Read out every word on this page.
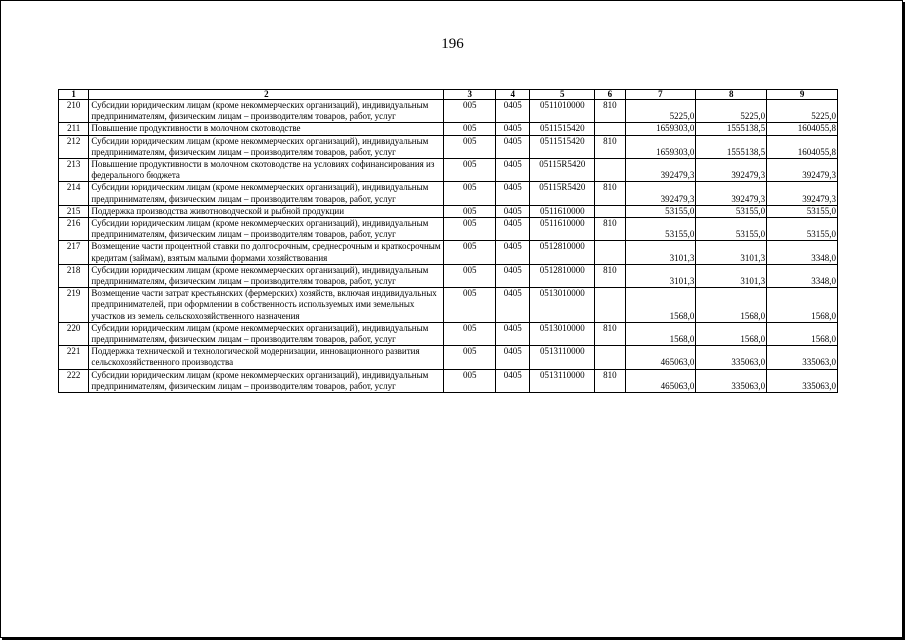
196
1	2	3	4	5	6	7	8	9
210	Субсидии юридическим лицам (кроме некоммерческих организаций), индивидуальным предпринимателям, физическим лицам – производителям товаров, работ, услуг	005	0405	0511010000	810	5225,0	5225,0	5225,0
211	Повышение продуктивности в молочном скотоводстве	005	0405	0511515420		1659303,0	1555138,5	1604055,8
212	Субсидии юридическим лицам (кроме некоммерческих организаций), индивидуальным предпринимателям, физическим лицам – производителям товаров, работ, услуг	005	0405	0511515420	810	1659303,0	1555138,5	1604055,8
213	Повышение продуктивности в молочном скотоводстве на условиях софинансирования из федерального бюджета	005	0405	05115R5420		392479,3	392479,3	392479,3
214	Субсидии юридическим лицам (кроме некоммерческих организаций), индивидуальным предпринимателям, физическим лицам – производителям товаров, работ, услуг	005	0405	05115R5420	810	392479,3	392479,3	392479,3
215	Поддержка производства животноводческой и рыбной продукции	005	0405	0511610000		53155,0	53155,0	53155,0
216	Субсидии юридическим лицам (кроме некоммерческих организаций), индивидуальным предпринимателям, физическим лицам – производителям товаров, работ, услуг	005	0405	0511610000	810	53155,0	53155,0	53155,0
217	Возмещение части процентной ставки по долгосрочным, среднесрочным и краткосрочным кредитам (займам), взятым малыми формами хозяйствования	005	0405	0512810000		3101,3	3101,3	3348,0
218	Субсидии юридическим лицам (кроме некоммерческих организаций), индивидуальным предпринимателям, физическим лицам – производителям товаров, работ, услуг	005	0405	0512810000	810	3101,3	3101,3	3348,0
219	Возмещение части затрат крестьянских (фермерских) хозяйств, включая индивидуальных предпринимателей, при оформлении в собственность используемых ими земельных участков из земель сельскохозяйственного назначения	005	0405	0513010000		1568,0	1568,0	1568,0
220	Субсидии юридическим лицам (кроме некоммерческих организаций), индивидуальным предпринимателям, физическим лицам – производителям товаров, работ, услуг	005	0405	0513010000	810	1568,0	1568,0	1568,0
221	Поддержка технической и технологической модернизации, инновационного развития сельскохозяйственного производства	005	0405	0513110000		465063,0	335063,0	335063,0
222	Субсидии юридическим лицам (кроме некоммерческих организаций), индивидуальным предпринимателям, физическим лицам – производителям товаров, работ, услуг	005	0405	0513110000	810	465063,0	335063,0	335063,0
